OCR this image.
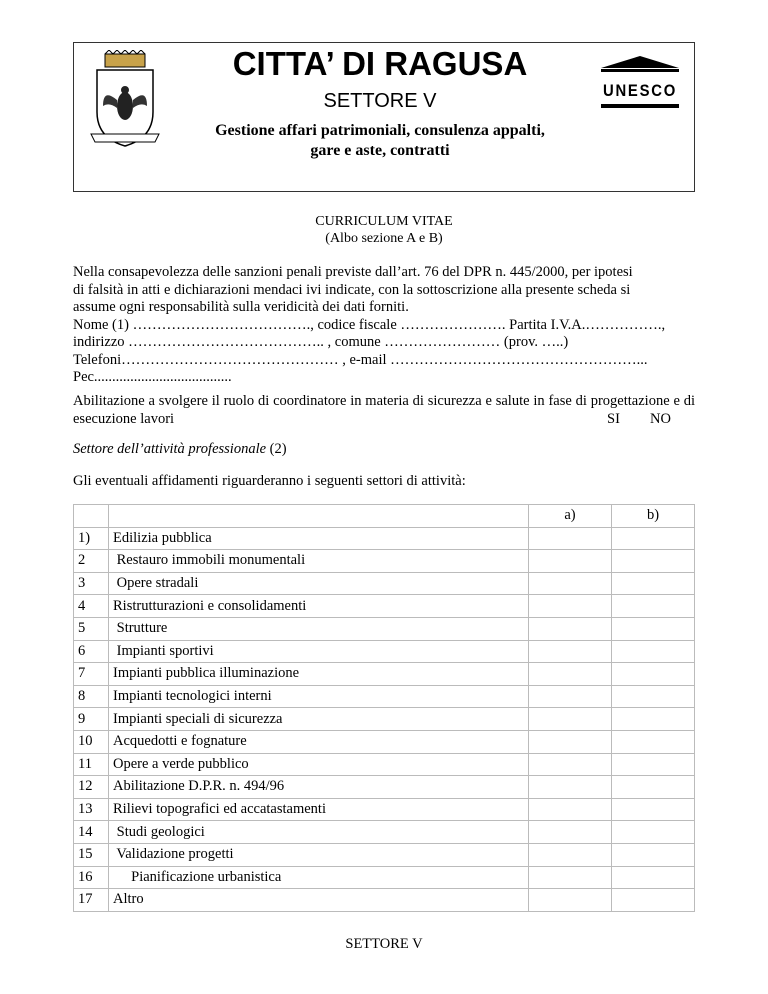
CITTA’ DI RAGUSA
SETTORE V
Gestione affari patrimoniali, consulenza appalti,
gare e aste, contratti
UNESCO
CURRICULUM VITAE
(Albo sezione A e B)
Nella consapevolezza delle sanzioni penali previste dall’art. 76 del DPR n. 445/2000, per ipotesi
di falsità in atti e dichiarazioni mendaci ivi indicate, con la sottoscrizione alla presente scheda si
assume ogni responsabilità sulla veridicità dei dati forniti.
Nome (1) ………………………………., codice fiscale …………………. Partita I.V.A.…………….,
indirizzo ………………………………….. , comune …………………… (prov. …..)
Telefoni……………………………………… , e-mail ……………………………………………...
Pec......................................
Abilitazione a svolgere il ruolo di coordinatore in materia di sicurezza e salute in fase di progettazione e di esecuzione lavori	SI NO
Settore dell’attività professionale (2)
Gli eventuali affidamenti riguarderanno i seguenti settori di attività:
		a)	b)
1)	Edilizia pubblica		
2	Restauro immobili monumentali		
3	Opere stradali		
4	Ristrutturazioni e consolidamenti		
5	Strutture		
6	Impianti sportivi		
7	Impianti pubblica illuminazione		
8	Impianti tecnologici interni		
9	Impianti speciali di sicurezza		
10	Acquedotti e fognature		
11	Opere a verde pubblico		
12	Abilitazione D.P.R. n. 494/96		
13	Rilievi topografici ed accatastamenti		
14	Studi geologici		
15	Validazione progetti		
16	Pianificazione urbanistica		
17	Altro		
SETTORE V
